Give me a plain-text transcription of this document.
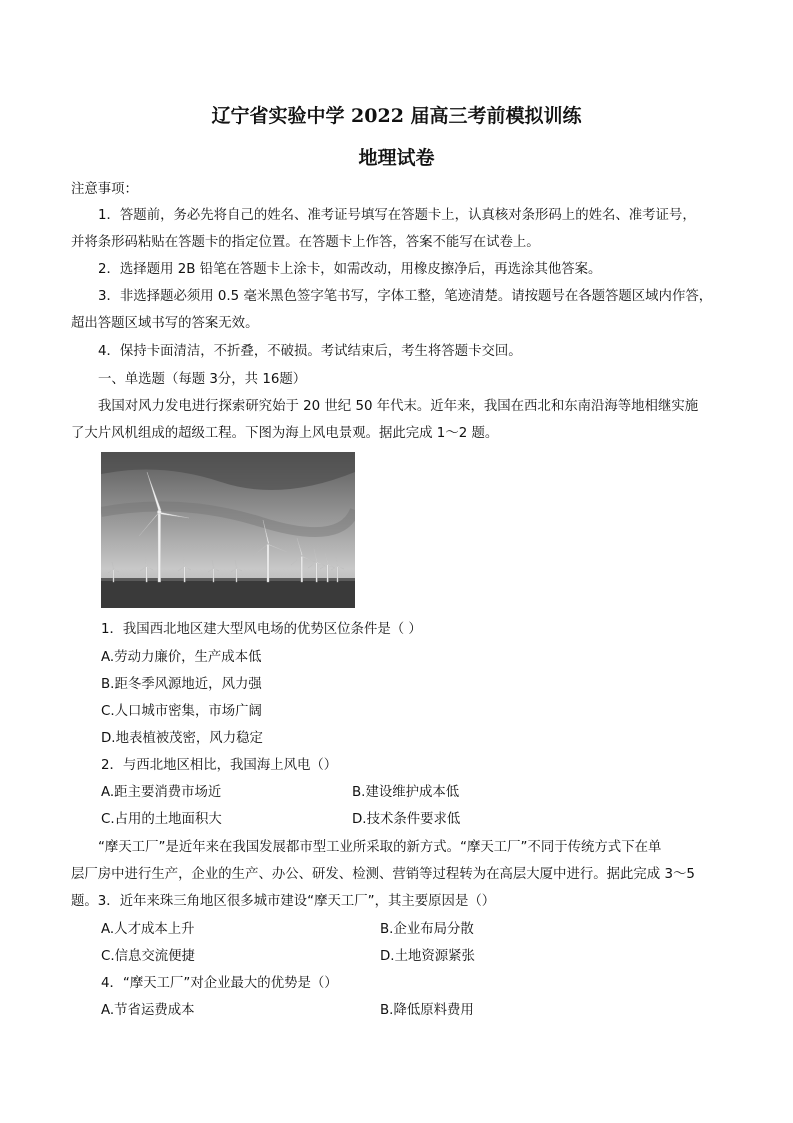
辽宁省实验中学 2022 届高三考前模拟训练
地理试卷
注意事项：
1．答题前，务必先将自己的姓名、准考证号填写在答题卡上，认真核对条形码上的姓名、准考证号，
并将条形码粘贴在答题卡的指定位置。在答题卡上作答，答案不能写在试卷上。
2．选择题用 2B 铅笔在答题卡上涂卡，如需改动，用橡皮擦净后，再选涂其他答案。
3．非选择题必须用 0.5 毫米黑色签字笔书写，字体工整，笔迹清楚。请按题号在各题答题区域内作答，
超出答题区域书写的答案无效。
4．保持卡面清洁，不折叠，不破损。考试结束后，考生将答题卡交回。
一、单选题（每题 3分，共 16题）
我国对风力发电进行探索研究始于 20 世纪 50 年代末。近年来，我国在西北和东南沿海等地相继实施
了大片风机组成的超级工程。下图为海上风电景观。据此完成 1～2 题。
1．我国西北地区建大型风电场的优势区位条件是（ ）
A.劳动力廉价，生产成本低
B.距冬季风源地近，风力强
C.人口城市密集，市场广阔
D.地表植被茂密，风力稳定
2．与西北地区相比，我国海上风电（）
A.距主要消费市场近	B.建设维护成本低
C.占用的土地面积大	D.技术条件要求低
“摩天工厂”是近年来在我国发展都市型工业所采取的新方式。“摩天工厂”不同于传统方式下在单
层厂房中进行生产，企业的生产、办公、研发、检测、营销等过程转为在高层大厦中进行。据此完成 3～5
题。3．近年来珠三角地区很多城市建设“摩天工厂”，其主要原因是（）
A.人才成本上升	B.企业布局分散
C.信息交流便捷	D.土地资源紧张
4．“摩天工厂”对企业最大的优势是（）
A.节省运费成本	B.降低原料费用
